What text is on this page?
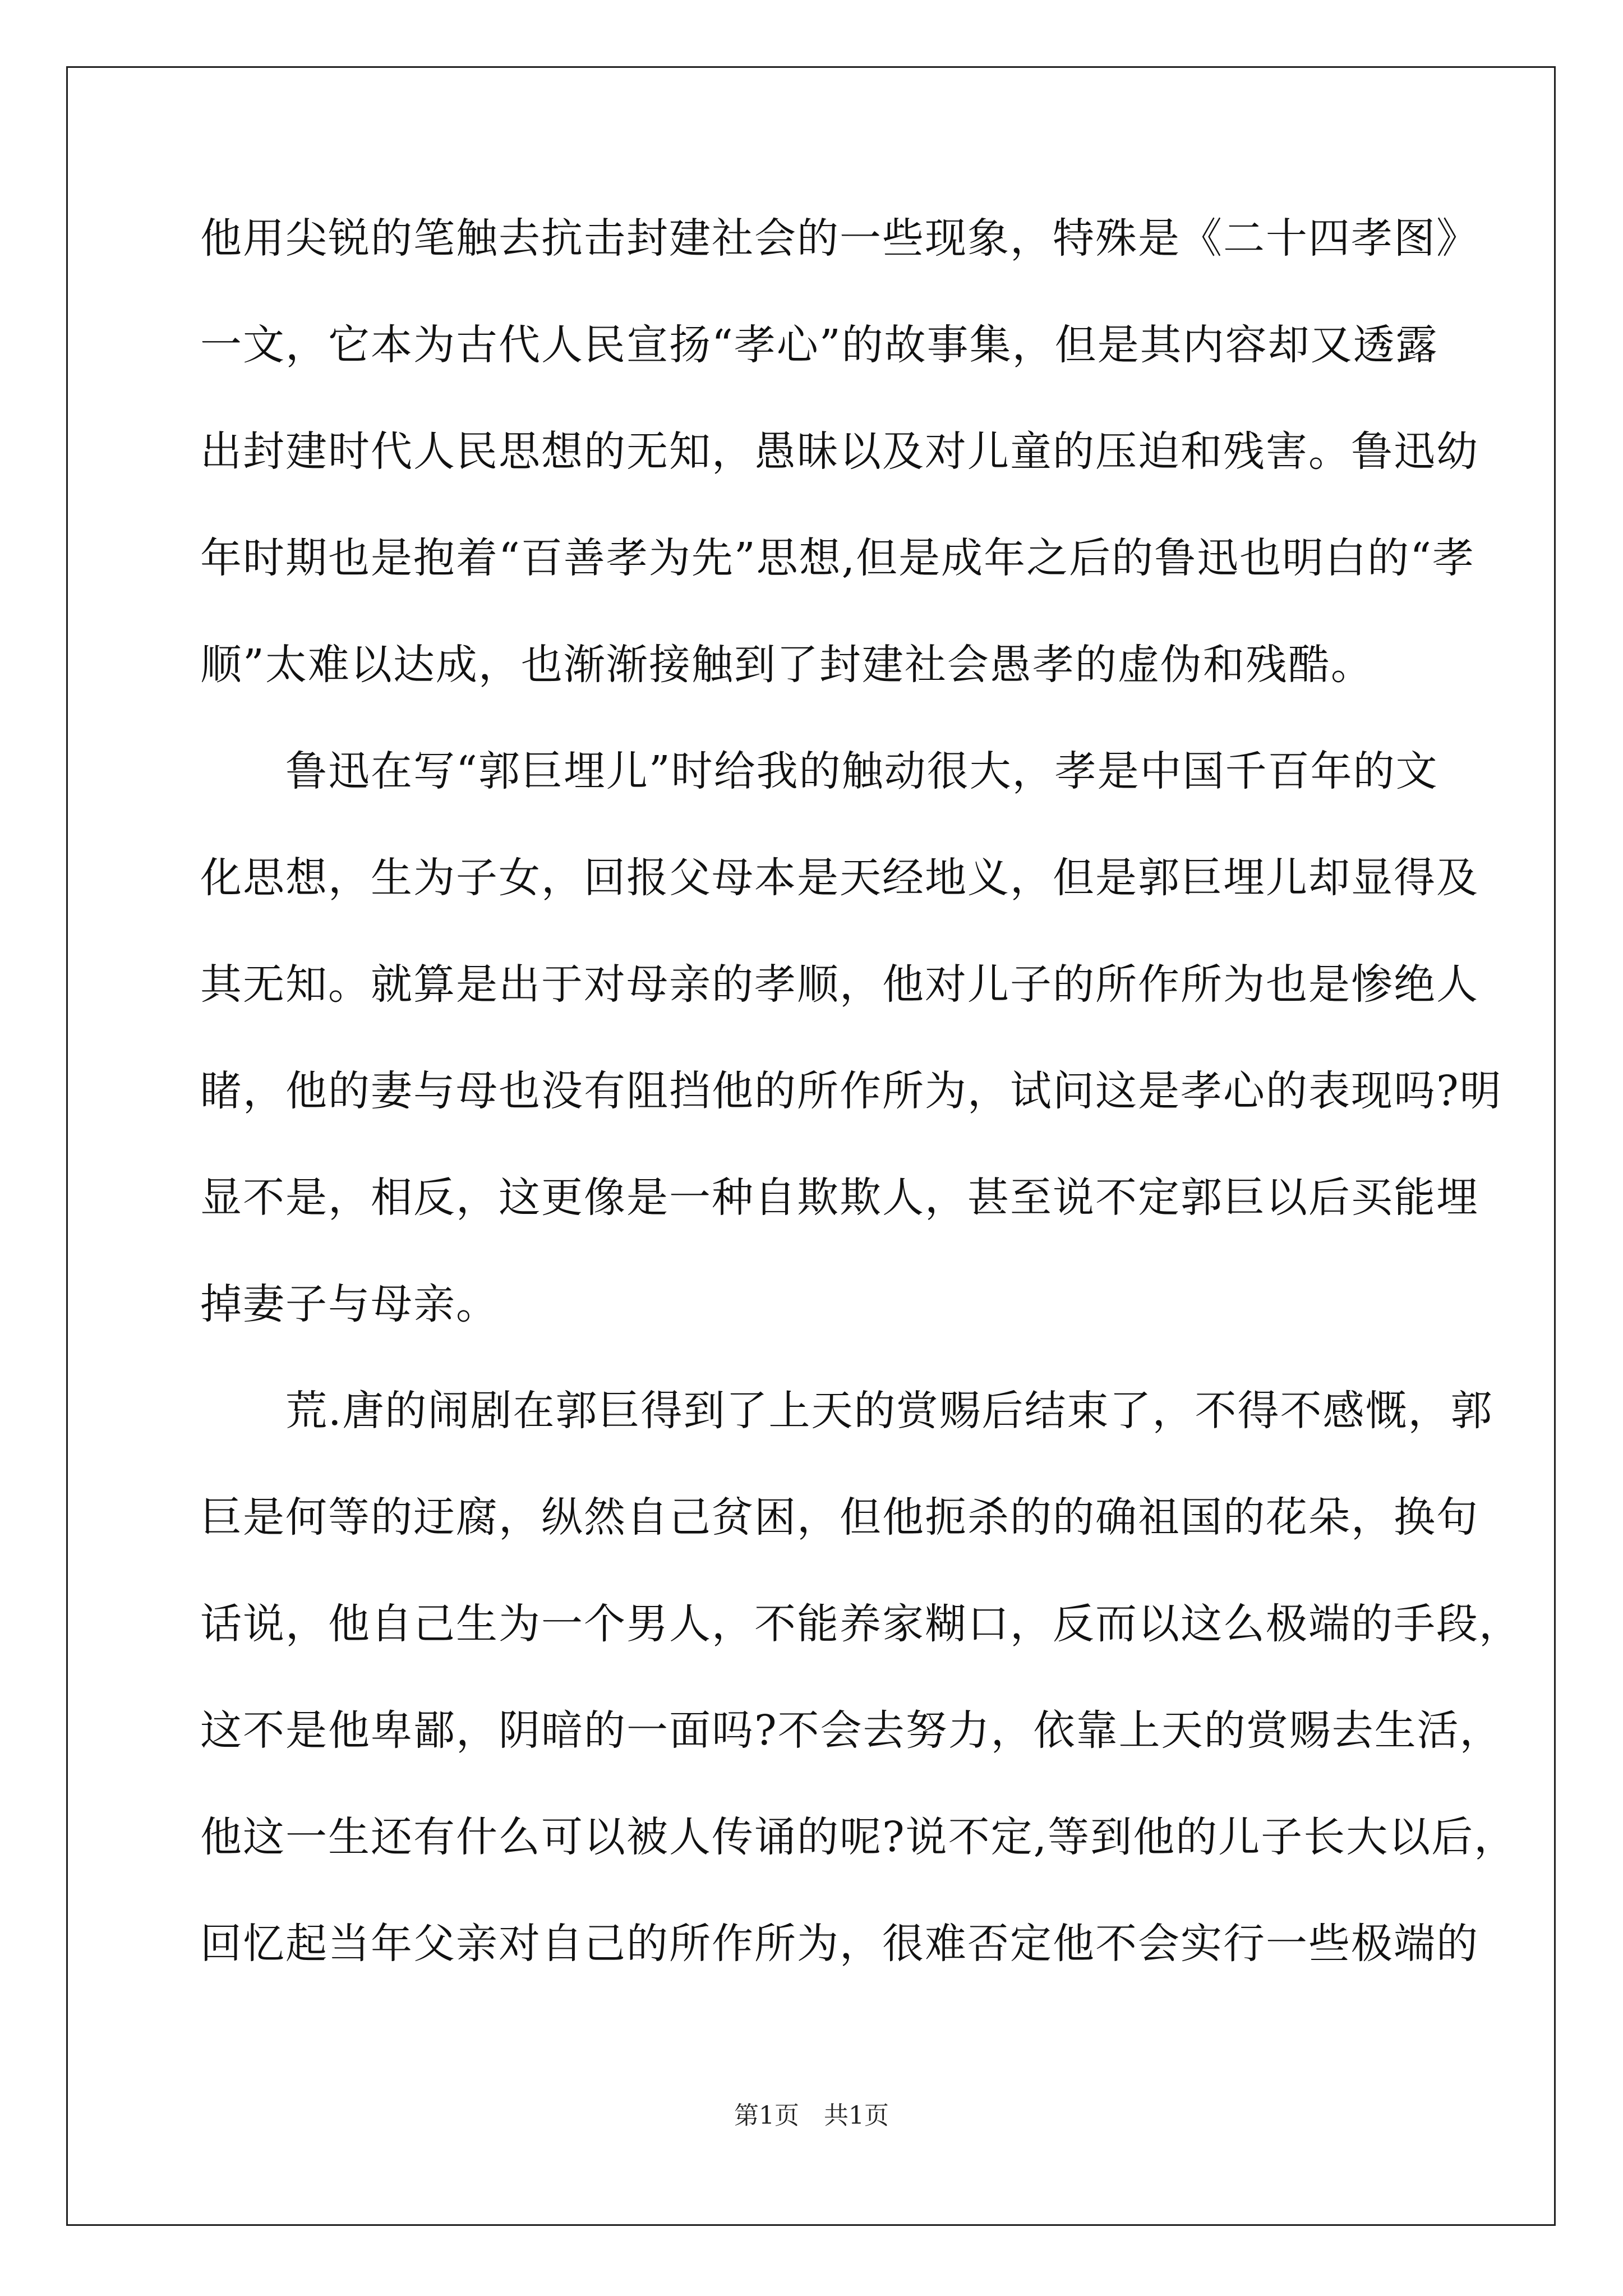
他用尖锐的笔触去抗击封建社会的一些现象，特殊是《二十四孝图》
一文，它本为古代人民宣扬“孝心”的故事集，但是其内容却又透露
出封建时代人民思想的无知，愚昧以及对儿童的压迫和残害。鲁迅幼
年时期也是抱着“百善孝为先”思想,但是成年之后的鲁迅也明白的“孝
顺”太难以达成，也渐渐接触到了封建社会愚孝的虚伪和残酷。
　　鲁迅在写“郭巨埋儿”时给我的触动很大，孝是中国千百年的文
化思想，生为子女，回报父母本是天经地义，但是郭巨埋儿却显得及
其无知。就算是出于对母亲的孝顺，他对儿子的所作所为也是惨绝人
睹，他的妻与母也没有阻挡他的所作所为，试问这是孝心的表现吗?明
显不是，相反，这更像是一种自欺欺人，甚至说不定郭巨以后买能埋
掉妻子与母亲。
　　荒.唐的闹剧在郭巨得到了上天的赏赐后结束了，不得不感慨，郭
巨是何等的迂腐，纵然自己贫困，但他扼杀的的确祖国的花朵，换句
话说，他自己生为一个男人，不能养家糊口，反而以这么极端的手段，
这不是他卑鄙，阴暗的一面吗?不会去努力，依靠上天的赏赐去生活，
他这一生还有什么可以被人传诵的呢?说不定,等到他的儿子长大以后，
回忆起当年父亲对自己的所作所为，很难否定他不会实行一些极端的
第1页　共1页
